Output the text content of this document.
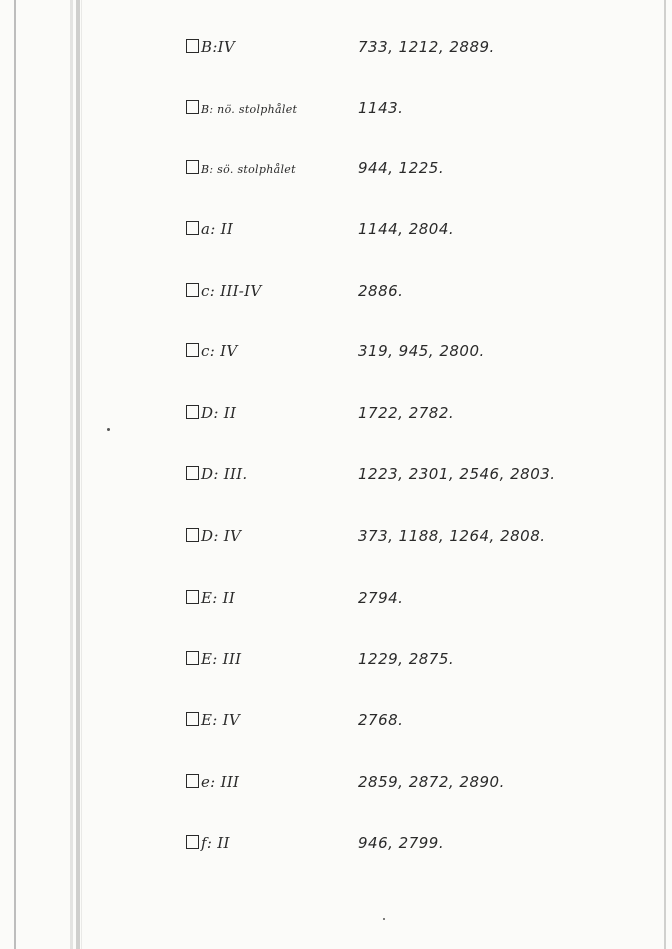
B:IV	733, 1212, 2889.
B: nö. stolphålet	1143.
B: sö. stolphålet	944, 1225.
a: II	1144, 2804.
c: III-IV	2886.
c: IV	319, 945, 2800.
D: II	1722, 2782.
D: III.	1223, 2301, 2546, 2803.
D: IV	373, 1188, 1264, 2808.
E: II	2794.
E: III	1229, 2875.
E: IV	2768.
e: III	2859, 2872, 2890.
f: II	946, 2799.
